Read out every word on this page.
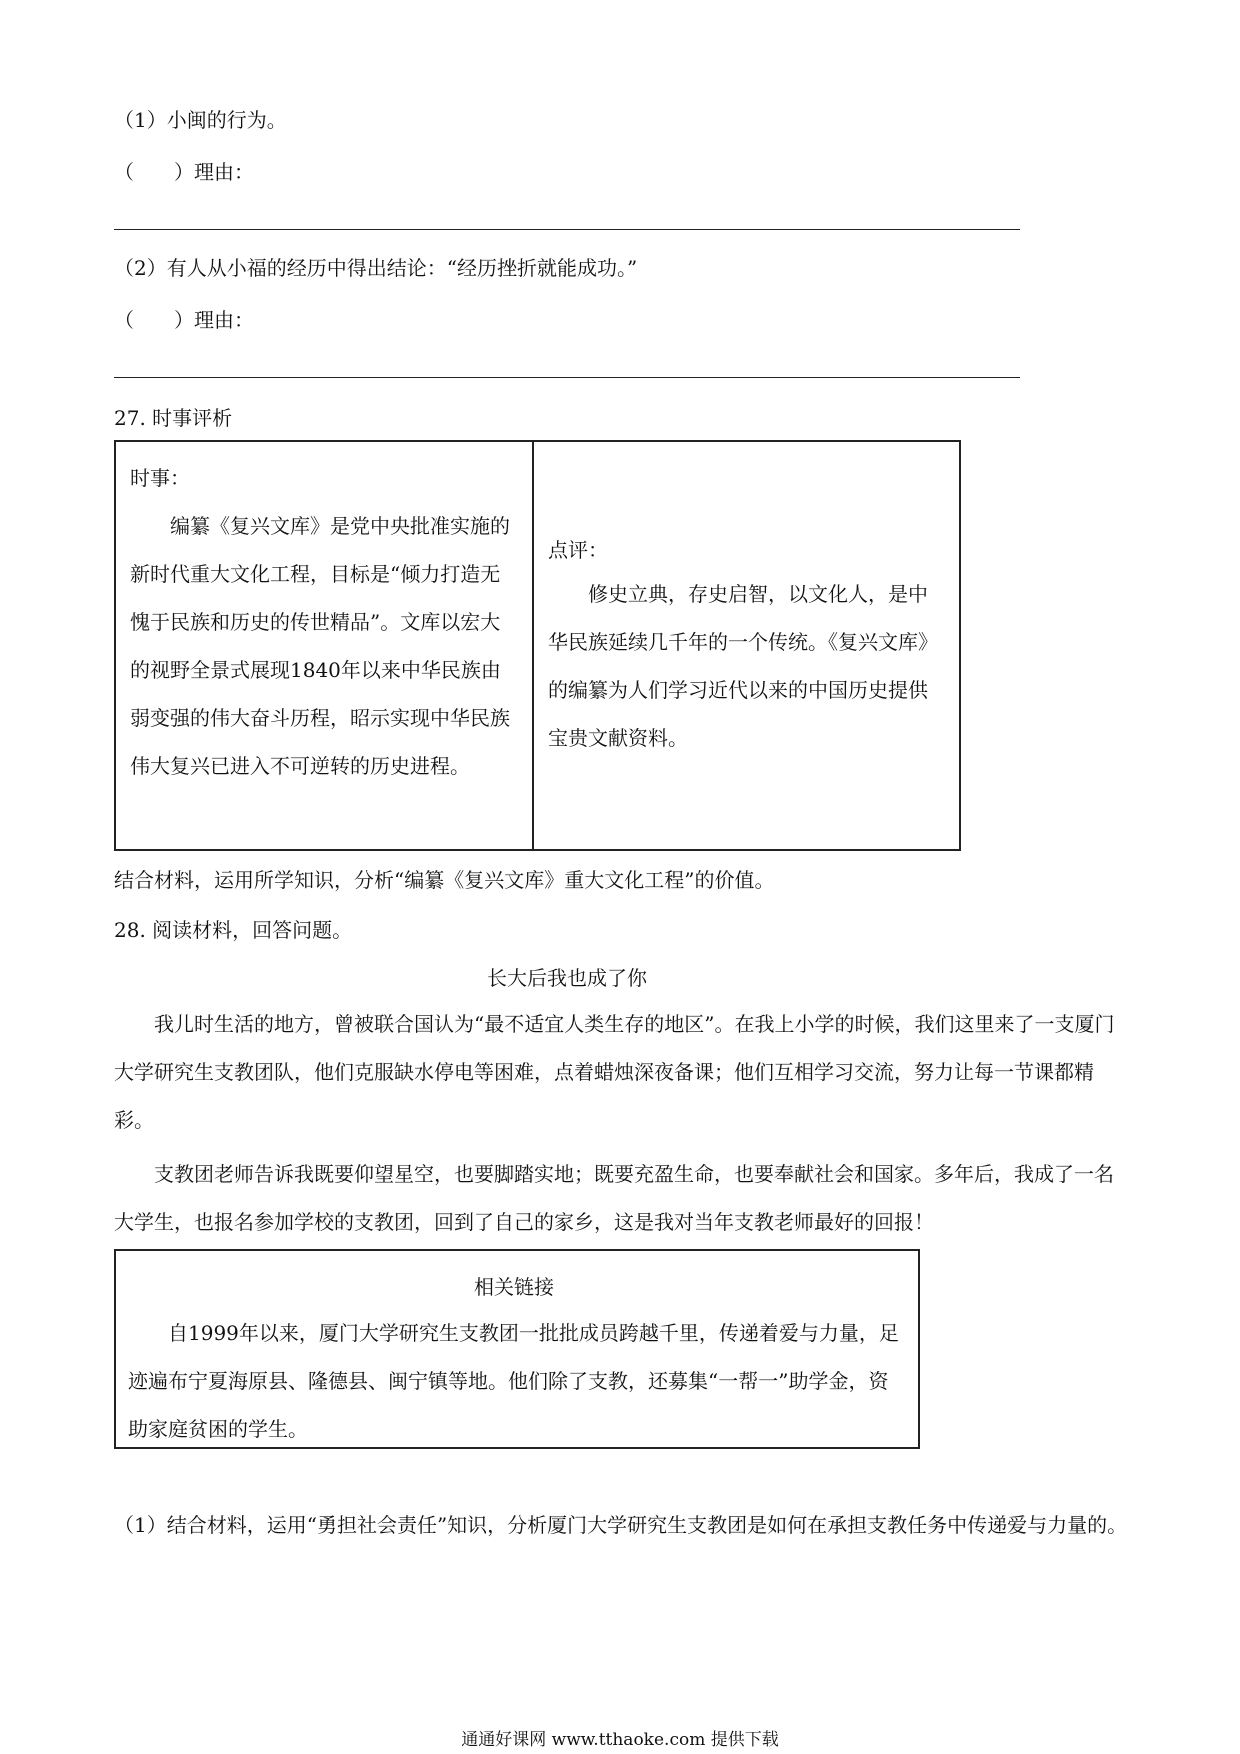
（1）小闽的行为。
（　　）理由：
（2）有人从小福的经历中得出结论：“经历挫折就能成功。”
（　　）理由：
27. 时事评析
时事：
编纂《复兴文库》是党中央批准实施的新时代重大文化工程，目标是“倾力打造无愧于民族和历史的传世精品”。文库以宏大的视野全景式展现1840年以来中华民族由弱变强的伟大奋斗历程，昭示实现中华民族伟大复兴已进入不可逆转的历史进程。
点评：
修史立典，存史启智，以文化人，是中华民族延续几千年的一个传统。《复兴文库》的编纂为人们学习近代以来的中国历史提供宝贵文献资料。
结合材料，运用所学知识，分析“编纂《复兴文库》重大文化工程”的价值。
28. 阅读材料，回答问题。
长大后我也成了你
我儿时生活的地方，曾被联合国认为“最不适宜人类生存的地区”。在我上小学的时候，我们这里来了一支厦门大学研究生支教团队，他们克服缺水停电等困难，点着蜡烛深夜备课；他们互相学习交流，努力让每一节课都精彩。
支教团老师告诉我既要仰望星空，也要脚踏实地；既要充盈生命，也要奉献社会和国家。多年后，我成了一名大学生，也报名参加学校的支教团，回到了自己的家乡，这是我对当年支教老师最好的回报！
相关链接
自1999年以来，厦门大学研究生支教团一批批成员跨越千里，传递着爱与力量，足迹遍布宁夏海原县、隆德县、闽宁镇等地。他们除了支教，还募集“一帮一”助学金，资助家庭贫困的学生。
（1）结合材料，运用“勇担社会责任”知识，分析厦门大学研究生支教团是如何在承担支教任务中传递爱与力量的。
通通好课网 www.tthaoke.com 提供下载
